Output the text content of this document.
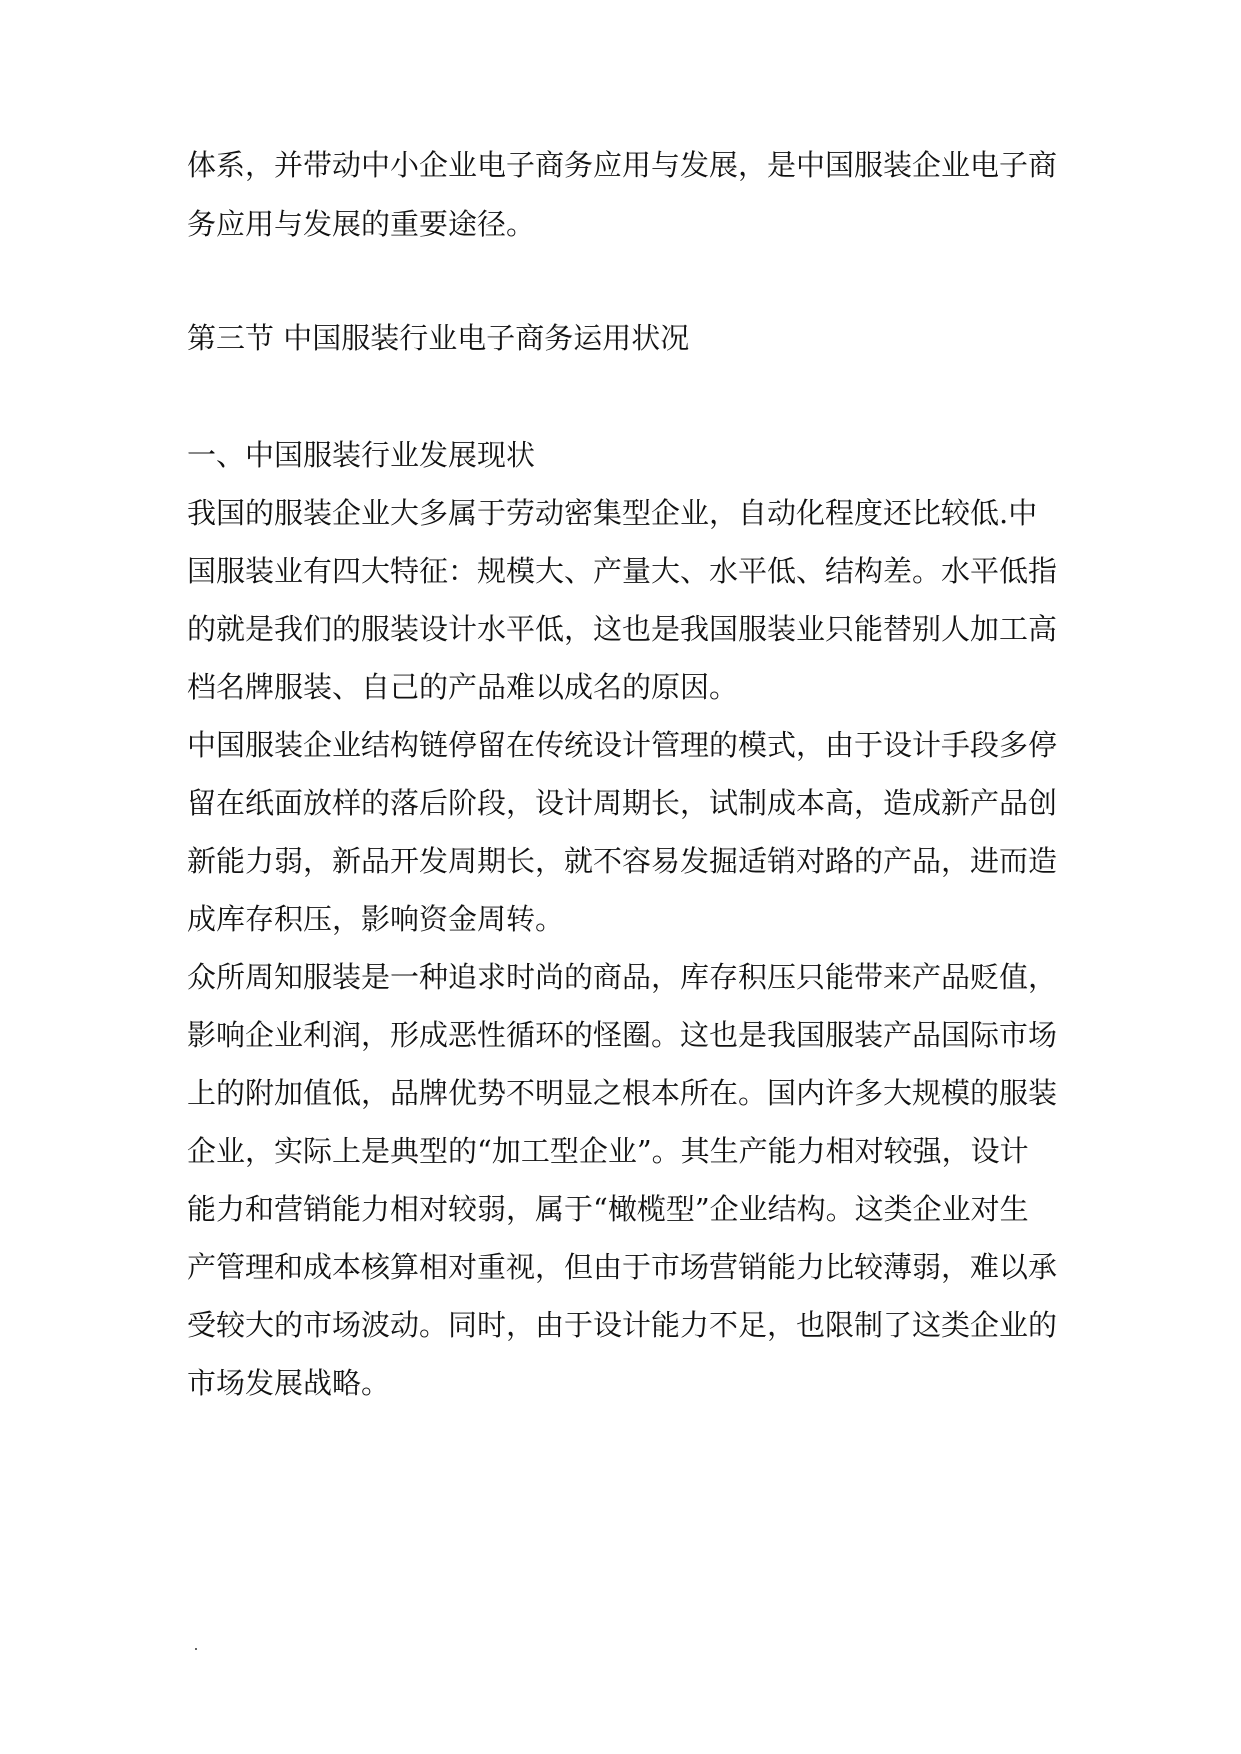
体系，并带动中小企业电子商务应用与发展，是中国服装企业电子商

务应用与发展的重要途径。

第三节 中国服装行业电子商务运用状况

一、中国服装行业发展现状

我国的服装企业大多属于劳动密集型企业，自动化程度还比较低.中

国服装业有四大特征：规模大、产量大、水平低、结构差。水平低指

的就是我们的服装设计水平低，这也是我国服装业只能替别人加工高

档名牌服装、自己的产品难以成名的原因。

中国服装企业结构链停留在传统设计管理的模式，由于设计手段多停

留在纸面放样的落后阶段，设计周期长，试制成本高，造成新产品创

新能力弱，新品开发周期长，就不容易发掘适销对路的产品，进而造

成库存积压，影响资金周转。

众所周知服装是一种追求时尚的商品，库存积压只能带来产品贬值，

影响企业利润，形成恶性循环的怪圈。这也是我国服装产品国际市场

上的附加值低，品牌优势不明显之根本所在。国内许多大规模的服装

企业，实际上是典型的“加工型企业”。其生产能力相对较强，设计

能力和营销能力相对较弱，属于“橄榄型”企业结构。这类企业对生

产管理和成本核算相对重视，但由于市场营销能力比较薄弱，难以承

受较大的市场波动。同时，由于设计能力不足，也限制了这类企业的

市场发展战略。
